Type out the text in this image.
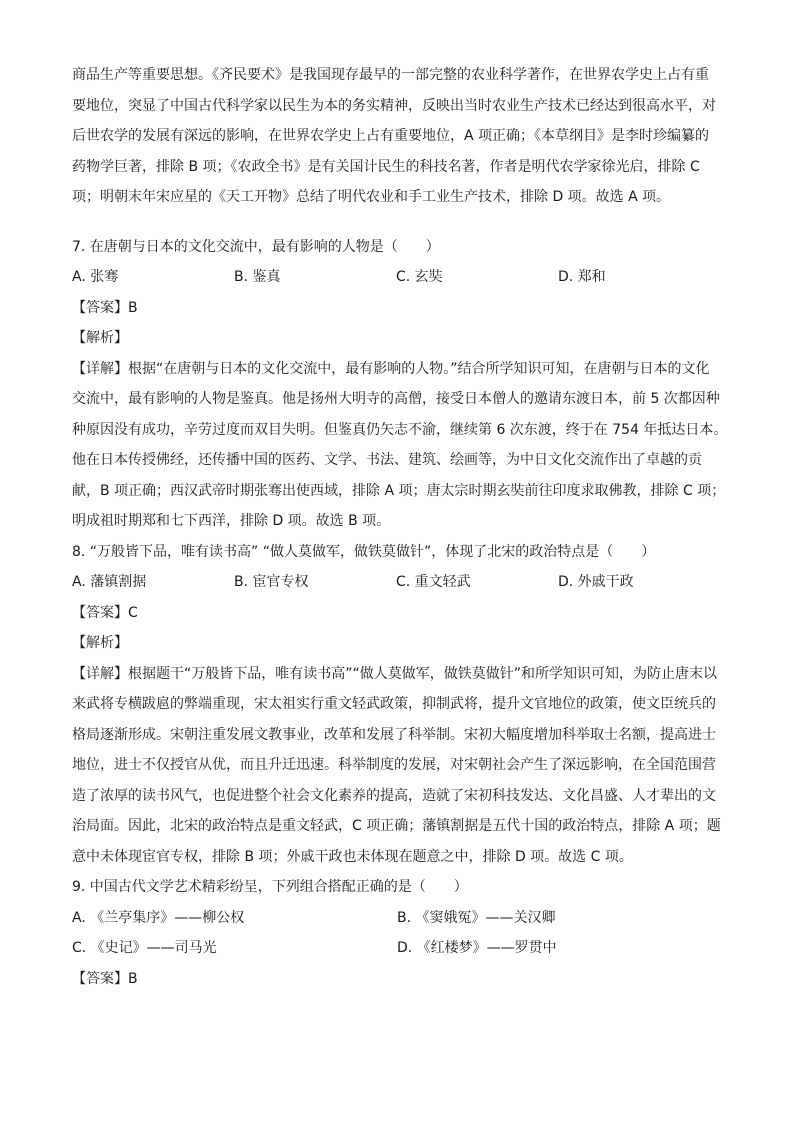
商品生产等重要思想。《齐民要术》是我国现存最早的一部完整的农业科学著作，在世界农学史上占有重
要地位，突显了中国古代科学家以民生为本的务实精神，反映出当时农业生产技术已经达到很高水平，对
后世农学的发展有深远的影响，在世界农学史上占有重要地位，A 项正确；《本草纲目》是李时珍编纂的
药物学巨著，排除 B 项；《农政全书》是有关国计民生的科技名著，作者是明代农学家徐光启，排除 C
项；明朝末年宋应星的《天工开物》总结了明代农业和手工业生产技术，排除 D 项。故选 A 项。
7. 在唐朝与日本的文化交流中，最有影响的人物是（　　）
A. 张骞	B. 鉴真	C. 玄奘	D. 郑和
【答案】B
【解析】
【详解】根据“在唐朝与日本的文化交流中，最有影响的人物。”结合所学知识可知，在唐朝与日本的文化
交流中，最有影响的人物是鉴真。他是扬州大明寺的高僧，接受日本僧人的邀请东渡日本，前 5 次都因种
种原因没有成功，辛劳过度而双目失明。但鉴真仍矢志不渝，继续第 6 次东渡，终于在 754 年抵达日本。
他在日本传授佛经，还传播中国的医药、文学、书法、建筑、绘画等，为中日文化交流作出了卓越的贡
献，B 项正确；西汉武帝时期张骞出使西域，排除 A 项；唐太宗时期玄奘前往印度求取佛教，排除 C 项；
明成祖时期郑和七下西洋，排除 D 项。故选 B 项。
8. “万般皆下品，唯有读书高” “做人莫做军，做铁莫做针”，体现了北宋的政治特点是（　　）
A. 藩镇割据	B. 宦官专权	C. 重文轻武	D. 外戚干政
【答案】C
【解析】
【详解】根据题干“万般皆下品，唯有读书高”“做人莫做军，做铁莫做针”和所学知识可知，为防止唐末以
来武将专横跋扈的弊端重现，宋太祖实行重文轻武政策，抑制武将，提升文官地位的政策，使文臣统兵的
格局逐渐形成。宋朝注重发展文教事业，改革和发展了科举制。宋初大幅度增加科举取士名额，提高进士
地位，进士不仅授官从优，而且升迁迅速。科举制度的发展，对宋朝社会产生了深远影响，在全国范围营
造了浓厚的读书风气，也促进整个社会文化素养的提高，造就了宋初科技发达、文化昌盛、人才辈出的文
治局面。因此，北宋的政治特点是重文轻武，C 项正确；藩镇割据是五代十国的政治特点，排除 A 项；题
意中未体现宦官专权，排除 B 项；外戚干政也未体现在题意之中，排除 D 项。故选 C 项。
9. 中国古代文学艺术精彩纷呈，下列组合搭配正确的是（　　）
A. 《兰亭集序》——柳公权	B. 《窦娥冤》——关汉卿
C. 《史记》——司马光	D. 《红楼梦》——罗贯中
【答案】B
